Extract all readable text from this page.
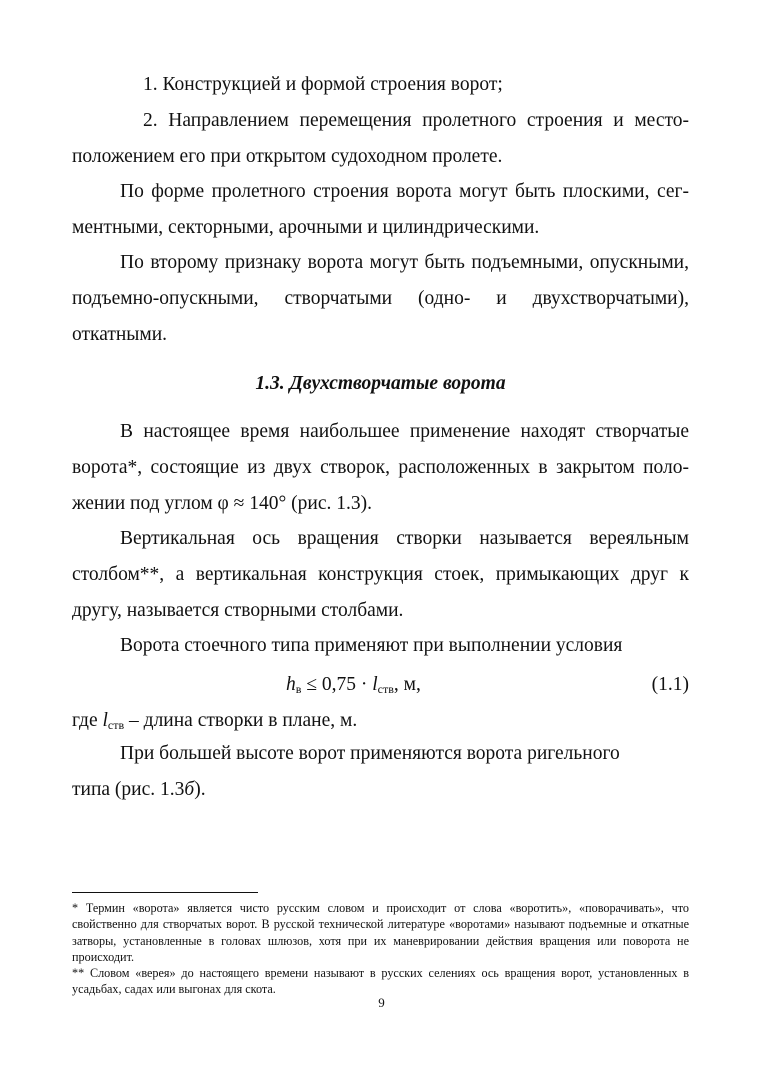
1. Конструкцией и формой строения ворот;

2. Направлением перемещения пролетного строения и местоположением его при открытом судоходном пролете.

По форме пролетного строения ворота могут быть плоскими, сегментными, секторными, арочными и цилиндрическими.

По второму признаку ворота могут быть подъемными, опускными, подъемно-опускными, створчатыми (одно- и двухстворчатыми), откатными.

1.3. Двухстворчатые ворота

В настоящее время наибольшее применение находят створчатые ворота*, состоящие из двух створок, расположенных в закрытом положении под углом φ ≈ 140° (рис. 1.3).

Вертикальная ось вращения створки называется вереяльным столбом**, а вертикальная конструкция стоек, примыкающих друг к другу, называется створными столбами.

Ворота стоечного типа применяют при выполнении условия

$h_в \le 0,75 \cdot l_{ств}$, м,	(1.1)

где $l_{ств}$ – длина створки в плане, м.

При большей высоте ворот применяются ворота ригельного типа (рис. 1.3б).

* Термин «ворота» является чисто русским словом и происходит от слова «воротить», «поворачивать», что свойственно для створчатых ворот. В русской технической литературе «воротами» называют подъемные и откатные затворы, установленные в головах шлюзов, хотя при их маневрировании действия вращения или поворота не происходит.

** Словом «верея» до настоящего времени называют в русских селениях ось вращения ворот, установленных в усадьбах, садах или выгонах для скота.

9
